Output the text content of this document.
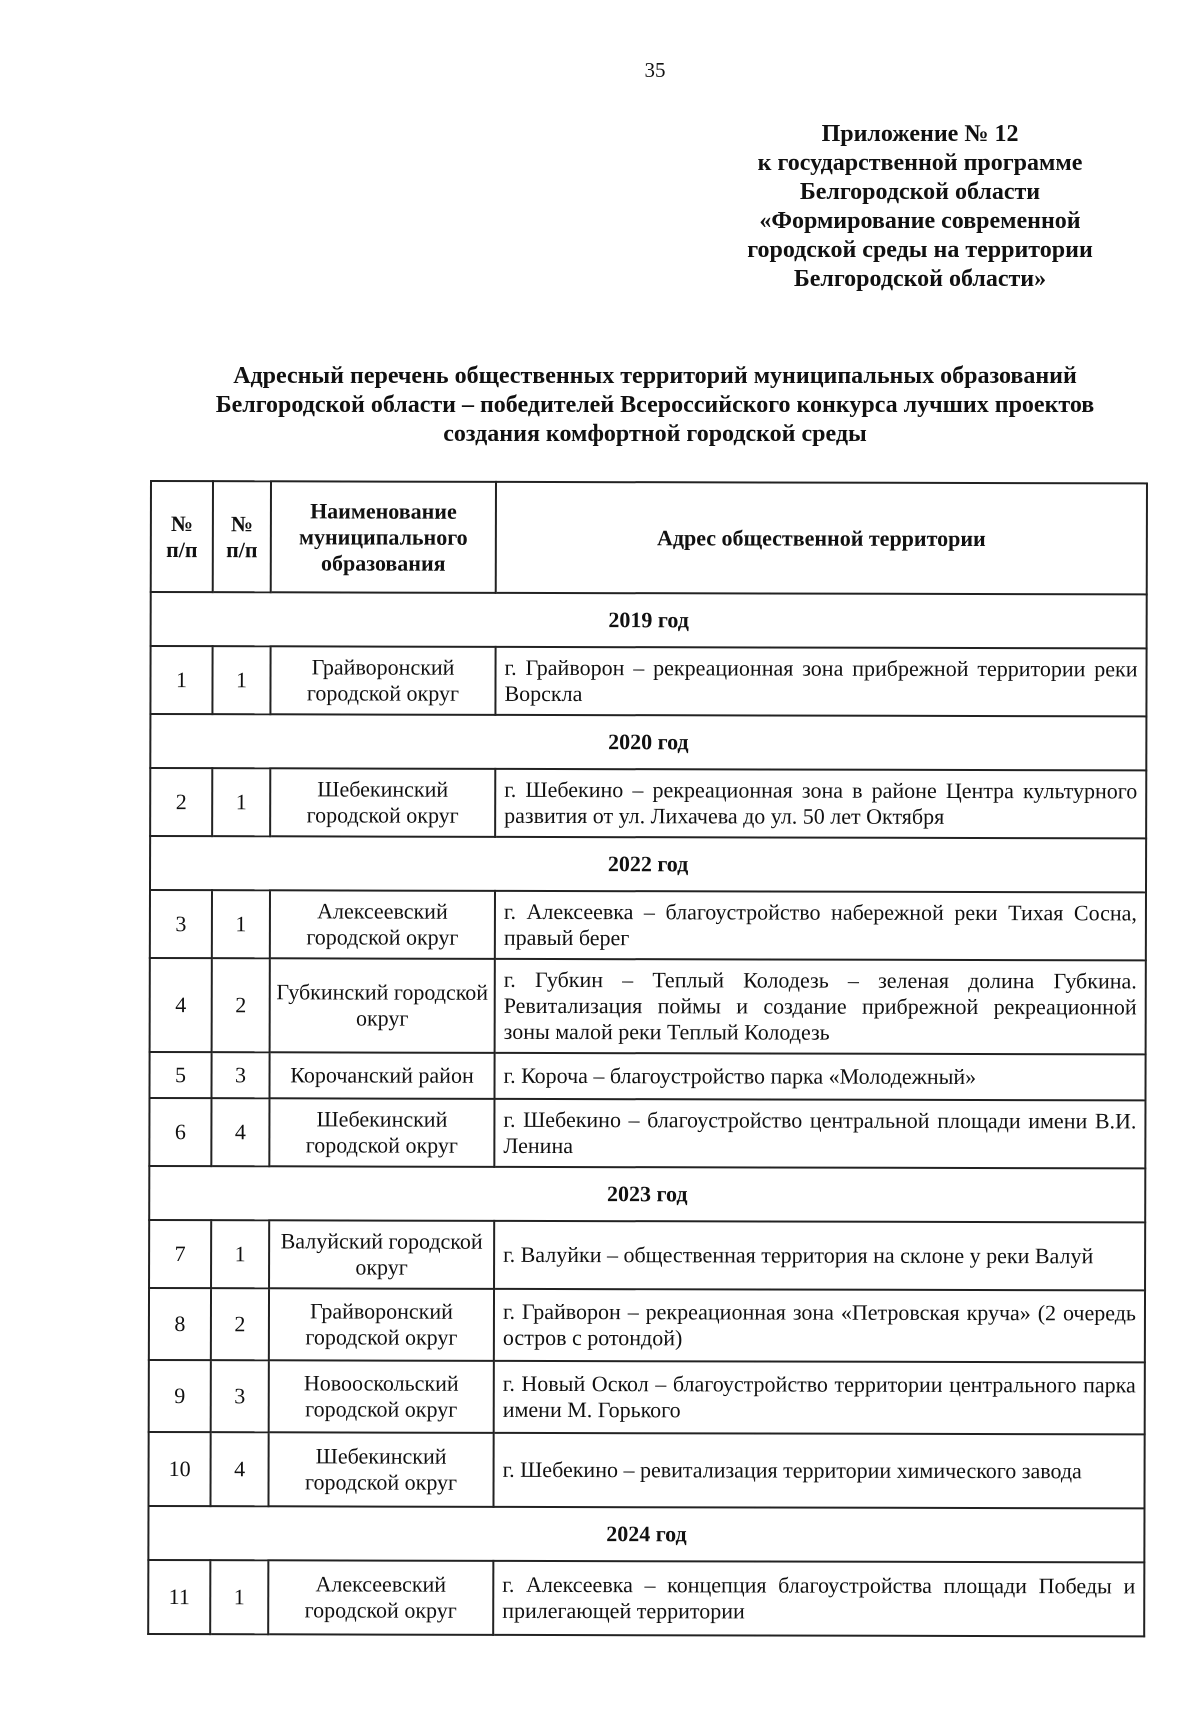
35
Приложение № 12
к государственной программе
Белгородской области
«Формирование современной
городской среды на территории
Белгородской области»
Адресный перечень общественных территорий муниципальных образований
Белгородской области – победителей Всероссийского конкурса лучших проектов
создания комфортной городской среды
№ п/п	№ п/п	Наименование муниципального образования	Адрес общественной территории
2019 год			
1	1	Грайворонский городской округ	г. Грайворон – рекреационная зона прибрежной территории реки Ворскла
2020 год			
2	1	Шебекинский городской округ	г. Шебекино – рекреационная зона в районе Центра культурного развития от ул. Лихачева до ул. 50 лет Октября
2022 год			
3	1	Алексеевский городской округ	г. Алексеевка – благоустройство набережной реки Тихая Сосна, правый берег
4	2	Губкинский городской округ	г. Губкин – Теплый Колодезь – зеленая долина Губкина. Ревитализация поймы и создание прибрежной рекреационной зоны малой реки Теплый Колодезь
5	3	Корочанский район	г. Короча – благоустройство парка «Молодежный»
6	4	Шебекинский городской округ	г. Шебекино – благоустройство центральной площади имени В.И. Ленина
2023 год			
7	1	Валуйский городской округ	г. Валуйки – общественная территория на склоне у реки Валуй
8	2	Грайворонский городской округ	г. Грайворон – рекреационная зона «Петровская круча» (2 очередь остров с ротондой)
9	3	Новооскольский городской округ	г. Новый Оскол – благоустройство территории центрального парка имени М. Горького
10	4	Шебекинский городской округ	г. Шебекино – ревитализация территории химического завода
2024 год			
11	1	Алексеевский городской округ	г. Алексеевка – концепция благоустройства площади Победы и прилегающей территории
